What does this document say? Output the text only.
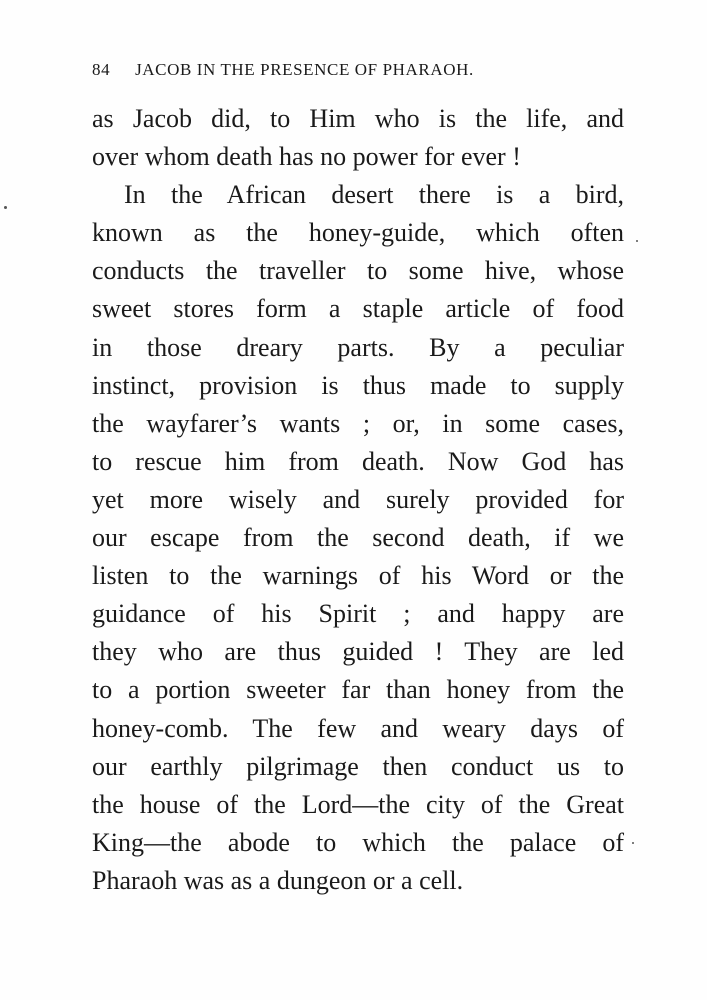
84 JACOB IN THE PRESENCE OF PHARAOH.
as Jacob did, to Him who is the life, and
over whom death has no power for ever !
In the African desert there is a bird,
known as the honey-guide, which often
conducts the traveller to some hive, whose
sweet stores form a staple article of food
in those dreary parts. By a peculiar
instinct, provision is thus made to supply
the wayfarer’s wants ; or, in some cases,
to rescue him from death. Now God has
yet more wisely and surely provided for
our escape from the second death, if we
listen to the warnings of his Word or the
guidance of his Spirit ; and happy are
they who are thus guided ! They are led
to a portion sweeter far than honey from the
honey-comb. The few and weary days of
our earthly pilgrimage then conduct us to
the house of the Lord—the city of the Great
King—the abode to which the palace of
Pharaoh was as a dungeon or a cell.
